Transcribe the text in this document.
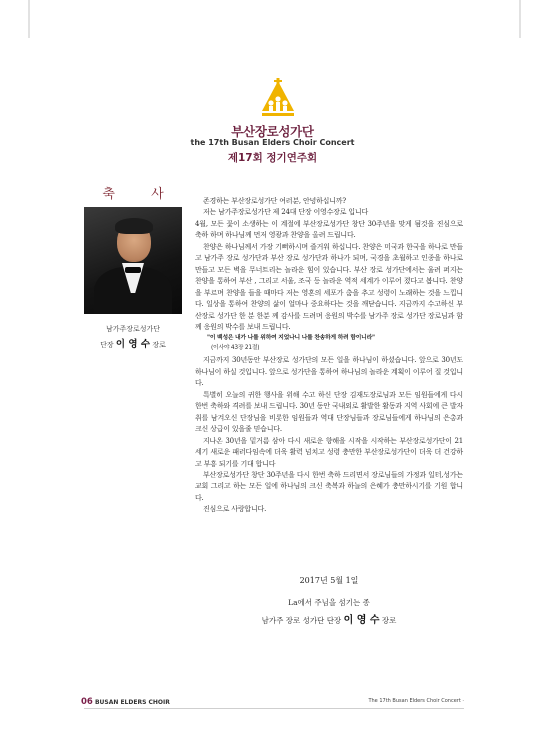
부산장로성가단
the 17th Busan Elders Choir Concert
제17회 정기연주회
축 사
남가주장로성가단
단장 이 영 수 장로

존경하는 부산장로성가단 여러분, 안녕하십니까?

저는 남가주장로성가단 제 24대 단장 이영수장로 입니다

4월, 모든 꽃이 소생하는 이 계절에 부산장로성가단 창단 30주년을 맞게 됨것을 진심으로 축하 하며 하나님께 먼저 영광과 찬양을 올려 드립니다.

찬양은 하나님께서 가장 기뻐하시며 즐거워 하십니다. 찬양은 미국과 한국을 하나로 만들고 남가주 장로 성가단과 부산 장로 성가단과 하나가 되며, 국경을 초월하고 인종을 하나로 만들고 모든 벽을 무너트리는 놀라운 힘이 있습니다. 부산 장로 성가단에서는 울려 퍼지는 찬양을 통하여 부산 , 그리고 서울, 조국 등 놀라운 역적 세계가 이루어 졌다고 봅니다. 찬양을 부르며 찬양을 들을 때마다 저는 영혼의 세포가 춤을 추고 성령이 노래하는 것을 느낍니다. 일상을 통하여 찬양의 삶이 얼마나 중요하다는 것을 깨닫습니다. 지금까지 수고하신 부산장로 성가단 한 분 한분 께 감사를 드려며 응원의 박수를 남가주 장로 성가단 장로님과 함께 응원의 박수를 보내 드립니다.

"이 백성은 내가 나를 위하여 지었나니 나를 찬송하게 하려 함이니라"

(이사야 43장 21절)

지금까지 30년동안 부산장로 성가단의 모든 일을 하나님이 하셨습니다. 앞으로 30년도 하나님이 하실 것입니다. 앞으로 성가단을 통하여 하나님의 놀라운 계획이 이루어 질 것입니다.

특별히 오늘의 귀한 행사을 위해 수고 하신 단장 김재도장로님과 모든 임원들에게 다시 한번 축하와 격려를 보내 드립니다. 30년 동안 국내외로 활발한 활동과 지역 사회에 큰 발자취를 남겨오신 단장님을 비롯한 임원들과 역대 단장님들과 장로님들에게 하나님의 은총과 크신 상급이 있을줄 믿습니다.

지나온 30년을 밑거름 삼아 다시 새로운 향해을 시작을 시작하는 부산장로성가단이 21세기 새로운 패러다임속에 더욱 활력 넘치고 성령 충만한 부산장로성가단이 더욱 더 건강하고 부흥 되기를 기대 합니다

부산장로성가단 창단 30주년을 다시 한번 축하 드리면서 장로님들의 가정과 일터,성가는 교회 그리고 하는 모든 일에 하나님의 크신 축복과 하늘의 은혜가 충만하시기를 기원 합니다.

진심으로 사랑합니다.

2017년 5월 1일
La에서 주님을 섬기는 종
남가주 장로 성가단 단장 이 영 수 장로
06 BUSAN ELDERS CHOIR	The 17th Busan Elders Choir Concert ·
